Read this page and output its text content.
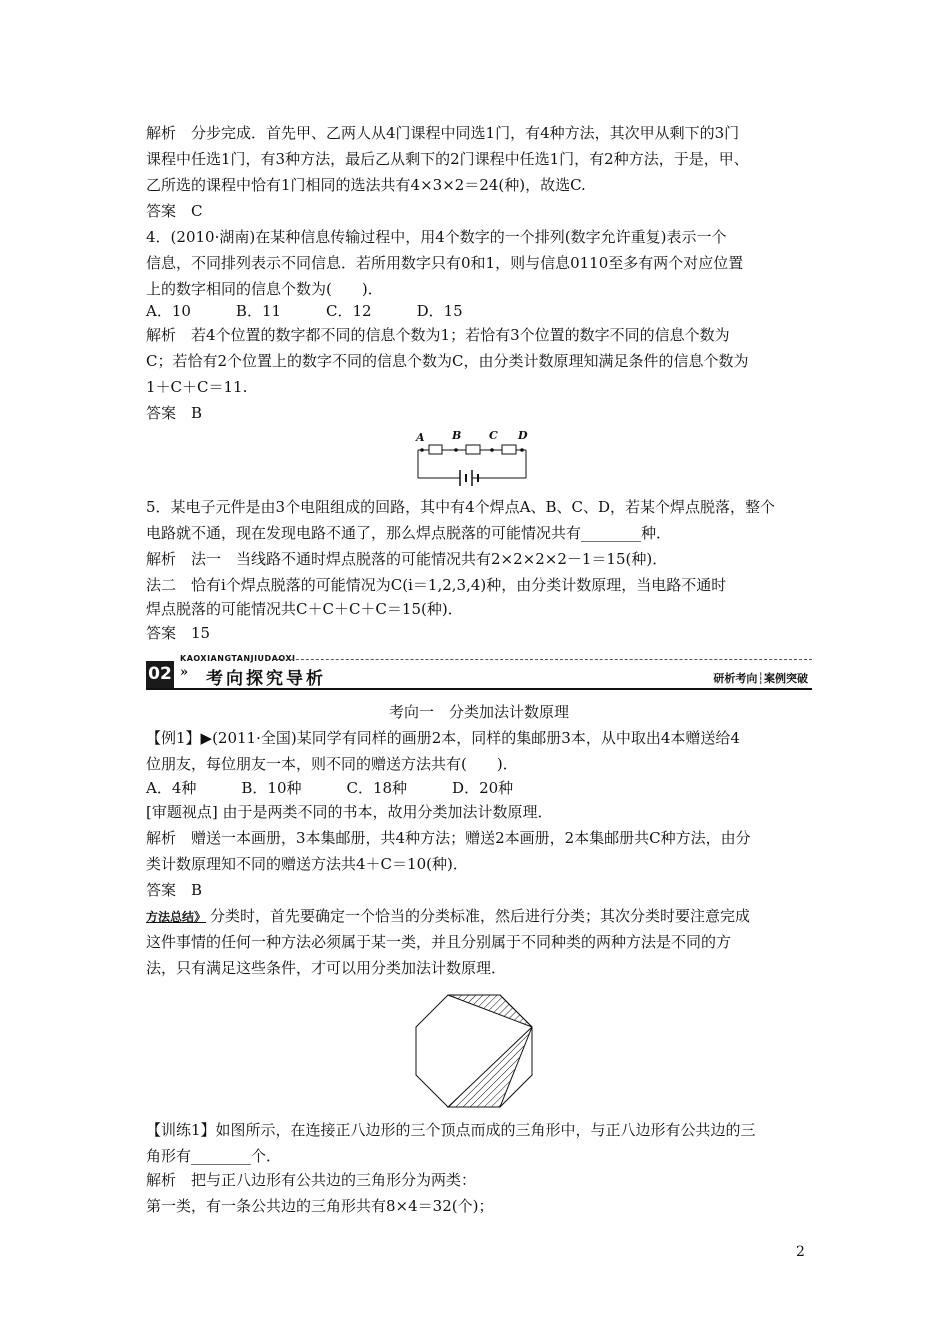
解析　分步完成．首先甲、乙两人从4门课程中同选1门，有4种方法，其次甲从剩下的3门

课程中任选1门，有3种方法，最后乙从剩下的2门课程中任选1门，有2种方法，于是，甲、

乙所选的课程中恰有1门相同的选法共有4×3×2＝24(种)，故选C.

答案　C

4．(2010·湖南)在某种信息传输过程中，用4个数字的一个排列(数字允许重复)表示一个

信息，不同排列表示不同信息．若所用数字只有0和1，则与信息0110至多有两个对应位置

上的数字相同的信息个数为(　　)．

A．10　　　B．11　　　C．12　　　D．15

解析　若4个位置的数字都不同的信息个数为1；若恰有3个位置的数字不同的信息个数为

C；若恰有2个位置上的数字不同的信息个数为C，由分类计数原理知满足条件的信息个数为

1＋C＋C＝11.

答案　B

A B	C D

5．某电子元件是由3个电阻组成的回路，其中有4个焊点A、B、C、D，若某个焊点脱落，整个

电路就不通，现在发现电路不通了，那么焊点脱落的可能情况共有________种．

解析　法一　当线路不通时焊点脱落的可能情况共有2×2×2×2－1＝15(种)．

法二　恰有i个焊点脱落的可能情况为C(i＝1,2,3,4)种，由分类计数原理，当电路不通时

焊点脱落的可能情况共C＋C＋C＋C＝15(种)．

答案　15

KAOXIANGTANJIUDAOXI
02 » 考向探究导析	研析考向┆案例突破
考向一　分类加法计数原理

【例1】▶(2011·全国)某同学有同样的画册2本，同样的集邮册3本，从中取出4本赠送给4

位朋友，每位朋友一本，则不同的赠送方法共有(　　)．

A．4种　　　B．10种　　　C．18种　　　D．20种

[审题视点] 由于是两类不同的书本，故用分类加法计数原理．

解析　赠送一本画册，3本集邮册，共4种方法；赠送2本画册，2本集邮册共C种方法，由分

类计数原理知不同的赠送方法共4＋C＝10(种)．

答案　B

方法总结》 分类时，首先要确定一个恰当的分类标准，然后进行分类；其次分类时要注意完成

这件事情的任何一种方法必须属于某一类，并且分别属于不同种类的两种方法是不同的方

法，只有满足这些条件，才可以用分类加法计数原理．

【训练1】如图所示，在连接正八边形的三个顶点而成的三角形中，与正八边形有公共边的三

角形有________个．

解析　把与正八边形有公共边的三角形分为两类：

第一类，有一条公共边的三角形共有8×4＝32(个)；

2
